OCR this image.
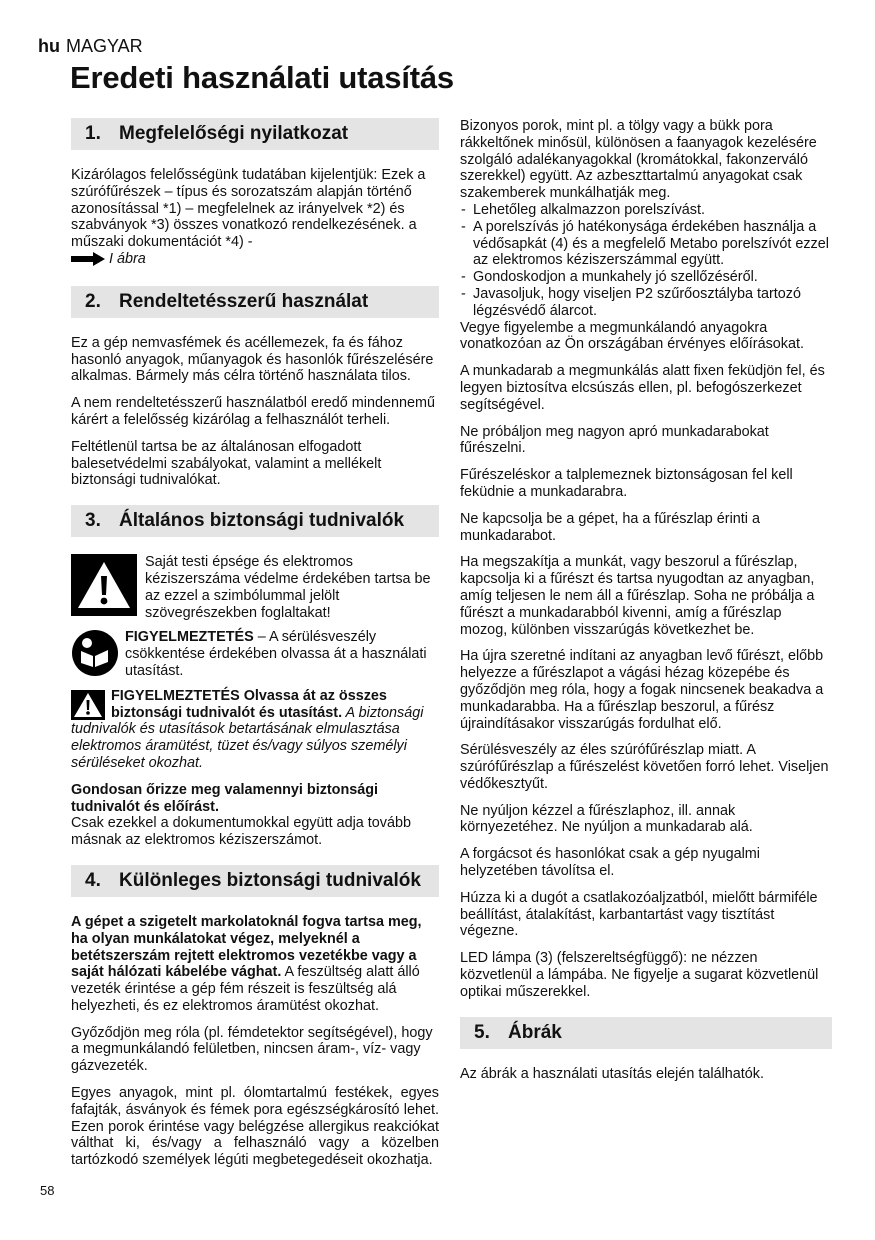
hu MAGYAR
Eredeti használati utasítás
1. Megfelelőségi nyilatkozat

Kizárólagos felelősségünk tudatában kijelentjük: Ezek a szúrófűrészek – típus és sorozatszám alapján történő azonosítással *1) – megfelelnek az irányelvek *2) és szabványok *3) összes vonatkozó rendelkezésének. a műszaki dokumentációt *4) -
I ábra

2. Rendeltetésszerű használat

Ez a gép nemvasfémek és acéllemezek, fa és fához hasonló anyagok, műanyagok és hasonlók fűrészelésére alkalmas. Bármely más célra történő használata tilos.

A nem rendeltetésszerű használatból eredő mindennemű kárért a felelősség kizárólag a felhasználót terheli.

Feltétlenül tartsa be az általánosan elfogadott balesetvédelmi szabályokat, valamint a mellékelt biztonsági tudnivalókat.

3. Általános biztonsági tudnivalók
Saját testi épsége és elektromos kéziszerszáma védelme érdekében tartsa be az ezzel a szimbólummal jelölt szövegrészekben foglaltakat!
FIGYELMEZTETÉS – A sérülésveszély csökkentése érdekében olvassa át a használati utasítást.
FIGYELMEZTETÉS Olvassa át az összes biztonsági tudnivalót és utasítást. A biztonsági tudnivalók és utasítások betartásának elmulasztása elektromos áramütést, tüzet és/vagy súlyos személyi sérüléseket okozhat.

Gondosan őrizze meg valamennyi biztonsági tudnivalót és előírást.
Csak ezekkel a dokumentumokkal együtt adja tovább másnak az elektromos kéziszerszámot.

4. Különleges biztonsági tudnivalók

A gépet a szigetelt markolatoknál fogva tartsa meg, ha olyan munkálatokat végez, melyeknél a betétszerszám rejtett elektromos vezetékbe vagy a saját hálózati kábelébe vághat. A feszültség alatt álló vezeték érintése a gép fém részeit is feszültség alá helyezheti, és ez elektromos áramütést okozhat.

Győződjön meg róla (pl. fémdetektor segítségével), hogy a megmunkálandó felületben, nincsen áram-, víz- vagy gázvezeték.

Egyes anyagok, mint pl. ólomtartalmú festékek, egyes fafajták, ásványok és fémek pora egészségkárosító lehet. Ezen porok érintése vagy belégzése allergikus reakciókat válthat ki, és/vagy a felhasználó vagy a közelben tartózkodó személyek légúti megbetegedéseit okozhatja.

Bizonyos porok, mint pl. a tölgy vagy a bükk pora rákkeltőnek minősül, különösen a faanyagok kezelésére szolgáló adalékanyagokkal (kromátokkal, fakonzerváló szerekkel) együtt. Az azbeszttartalmú anyagokat csak szakemberek munkálhatják meg.

- Lehetőleg alkalmazzon porelszívást.
- A porelszívás jó hatékonysága érdekében használja a védősapkát (4) és a megfelelő Metabo porelszívót ezzel az elektromos kéziszerszámmal együtt.
- Gondoskodjon a munkahely jó szellőzéséről.
- Javasoljuk, hogy viseljen P2 szűrőosztályba tartozó légzésvédő álarcot.

Vegye figyelembe a megmunkálandó anyagokra vonatkozóan az Ön országában érvényes előírásokat.

A munkadarab a megmunkálás alatt fixen feküdjön fel, és legyen biztosítva elcsúszás ellen, pl. befogószerkezet segítségével.

Ne próbáljon meg nagyon apró munkadarabokat fűrészelni.

Fűrészeléskor a talplemeznek biztonságosan fel kell feküdnie a munkadarabra.

Ne kapcsolja be a gépet, ha a fűrészlap érinti a munkadarabot.

Ha megszakítja a munkát, vagy beszorul a fűrészlap, kapcsolja ki a fűrészt és tartsa nyugodtan az anyagban, amíg teljesen le nem áll a fűrészlap. Soha ne próbálja a fűrészt a munkadarabból kivenni, amíg a fűrészlap mozog, különben visszarúgás következhet be.

Ha újra szeretné indítani az anyagban levő fűrészt, előbb helyezze a fűrészlapot a vágási hézag közepébe és győződjön meg róla, hogy a fogak nincsenek beakadva a munkadarabba. Ha a fűrészlap beszorul, a fűrész újraindításakor visszarúgás fordulhat elő.

Sérülésveszély az éles szúrófűrészlap miatt. A szúrófűrészlap a fűrészelést követően forró lehet. Viseljen védőkesztyűt.

Ne nyúljon kézzel a fűrészlaphoz, ill. annak környezetéhez. Ne nyúljon a munkadarab alá.

A forgácsot és hasonlókat csak a gép nyugalmi helyzetében távolítsa el.

Húzza ki a dugót a csatlakozóaljzatból, mielőtt bármiféle beállítást, átalakítást, karbantartást vagy tisztítást végezne.

LED lámpa (3) (felszereltségfüggő): ne nézzen közvetlenül a lámpába. Ne figyelje a sugarat közvetlenül optikai műszerekkel.

5. Ábrák

Az ábrák a használati utasítás elején találhatók.

58
